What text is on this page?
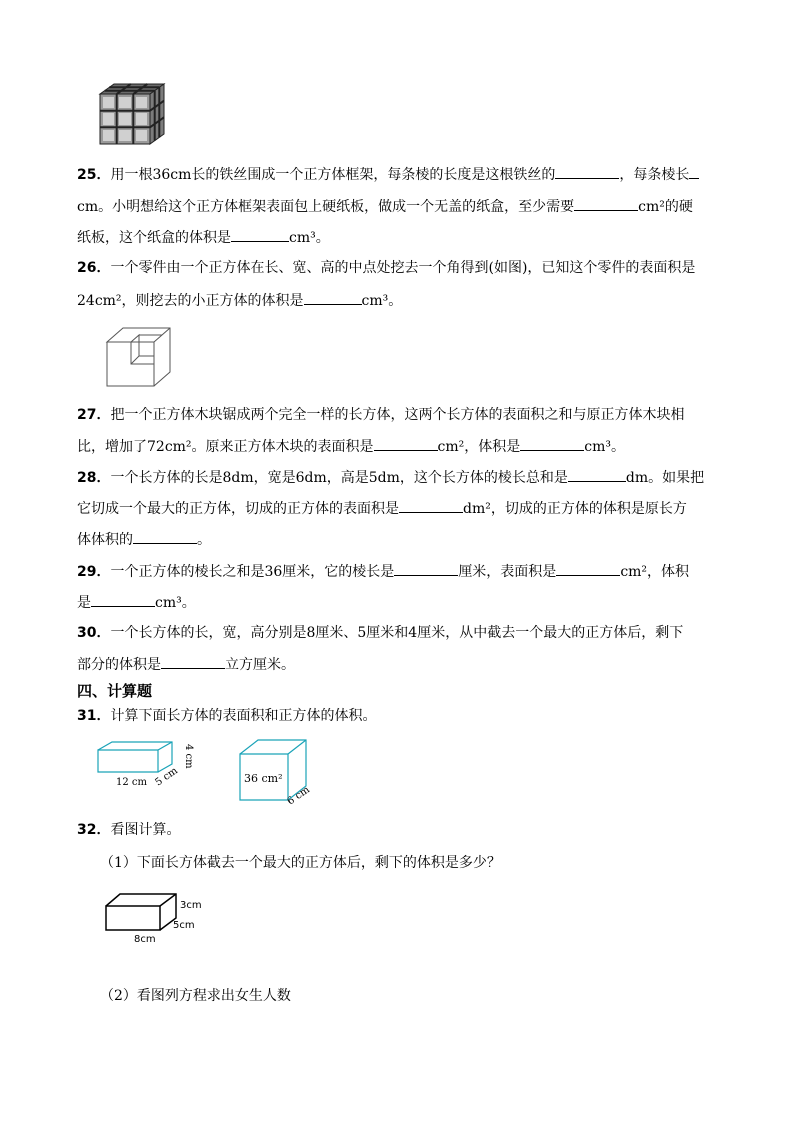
25．用一根36cm长的铁丝围成一个正方体框架，每条棱的长度是这根铁丝的	，每条棱长
cm。小明想给这个正方体框架表面包上硬纸板，做成一个无盖的纸盒，至少需要	cm²的硬
纸板，这个纸盒的体积是	cm³。
26．一个零件由一个正方体在长、宽、高的中点处挖去一个角得到(如图)，已知这个零件的表面积是
24cm²，则挖去的小正方体的体积是	cm³。
27．把一个正方体木块锯成两个完全一样的长方体，这两个长方体的表面积之和与原正方体木块相
比，增加了72cm²。原来正方体木块的表面积是	cm²，体积是	cm³。
28．一个长方体的长是8dm，宽是6dm，高是5dm，这个长方体的棱长总和是	dm。如果把
它切成一个最大的正方体，切成的正方体的表面积是	dm²，切成的正方体的体积是原长方
体体积的	。
29．一个正方体的棱长之和是36厘米，它的棱长是	厘米，表面积是	cm²，体积
是	cm³。
30．一个长方体的长，宽，高分别是8厘米、5厘米和4厘米，从中截去一个最大的正方体后，剩下
部分的体积是	立方厘米。
四、计算题
31．计算下面长方体的表面积和正方体的体积。
12 cm 5 cm
4 cm
36 cm²
6 cm
32．看图计算。
（1）下面长方体截去一个最大的正方体后，剩下的体积是多少？
8cm
5cm
3cm
（2）看图列方程求出女生人数
